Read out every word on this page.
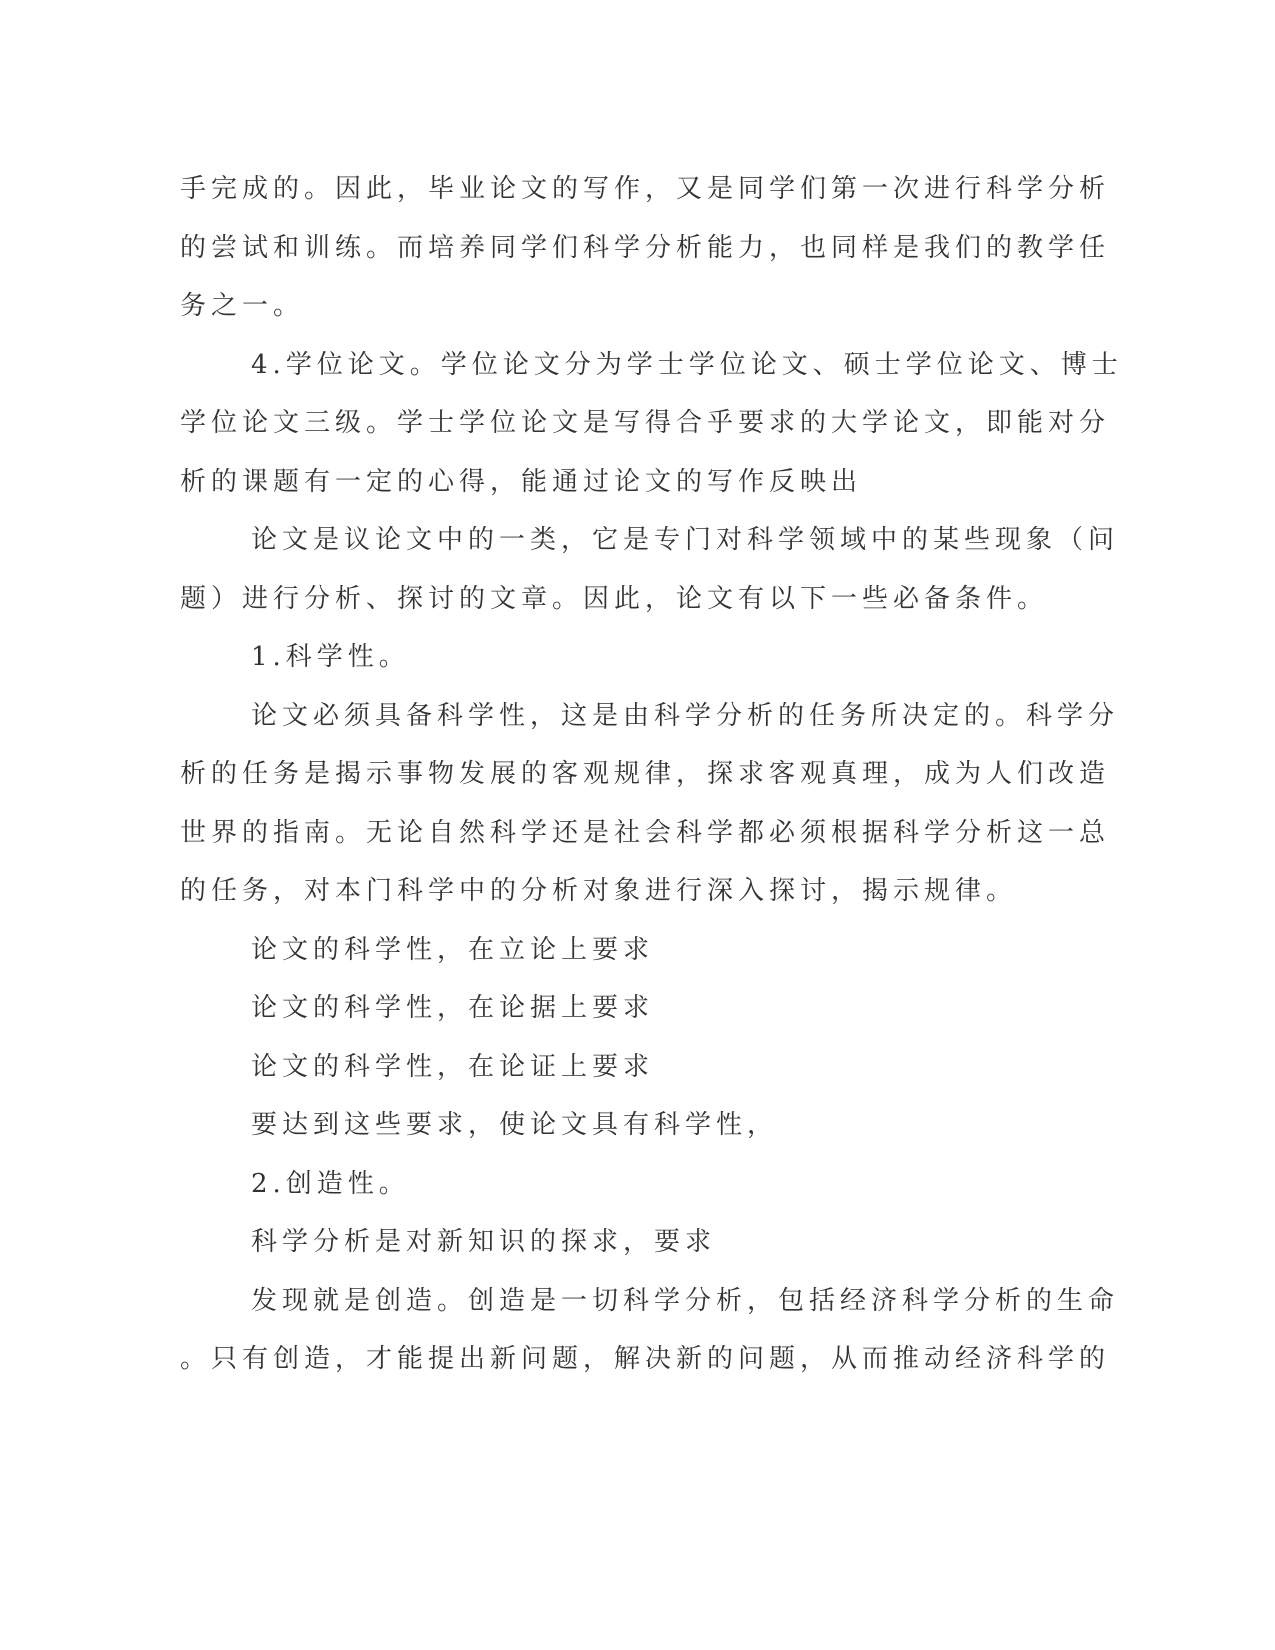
手完成的。因此，毕业论文的写作，又是同学们第一次进行科学分析

的尝试和训练。而培养同学们科学分析能力，也同样是我们的教学任

务之一。

4.学位论文。学位论文分为学士学位论文、硕士学位论文、博士

学位论文三级。学士学位论文是写得合乎要求的大学论文，即能对分

析的课题有一定的心得，能通过论文的写作反映出

论文是议论文中的一类，它是专门对科学领域中的某些现象（问

题）进行分析、探讨的文章。因此，论文有以下一些必备条件。

1.科学性。

论文必须具备科学性，这是由科学分析的任务所决定的。科学分

析的任务是揭示事物发展的客观规律，探求客观真理，成为人们改造

世界的指南。无论自然科学还是社会科学都必须根据科学分析这一总

的任务，对本门科学中的分析对象进行深入探讨，揭示规律。

论文的科学性，在立论上要求

论文的科学性，在论据上要求

论文的科学性，在论证上要求

要达到这些要求，使论文具有科学性，

2.创造性。

科学分析是对新知识的探求，要求

发现就是创造。创造是一切科学分析，包括经济科学分析的生命

。只有创造，才能提出新问题，解决新的问题，从而推动经济科学的
